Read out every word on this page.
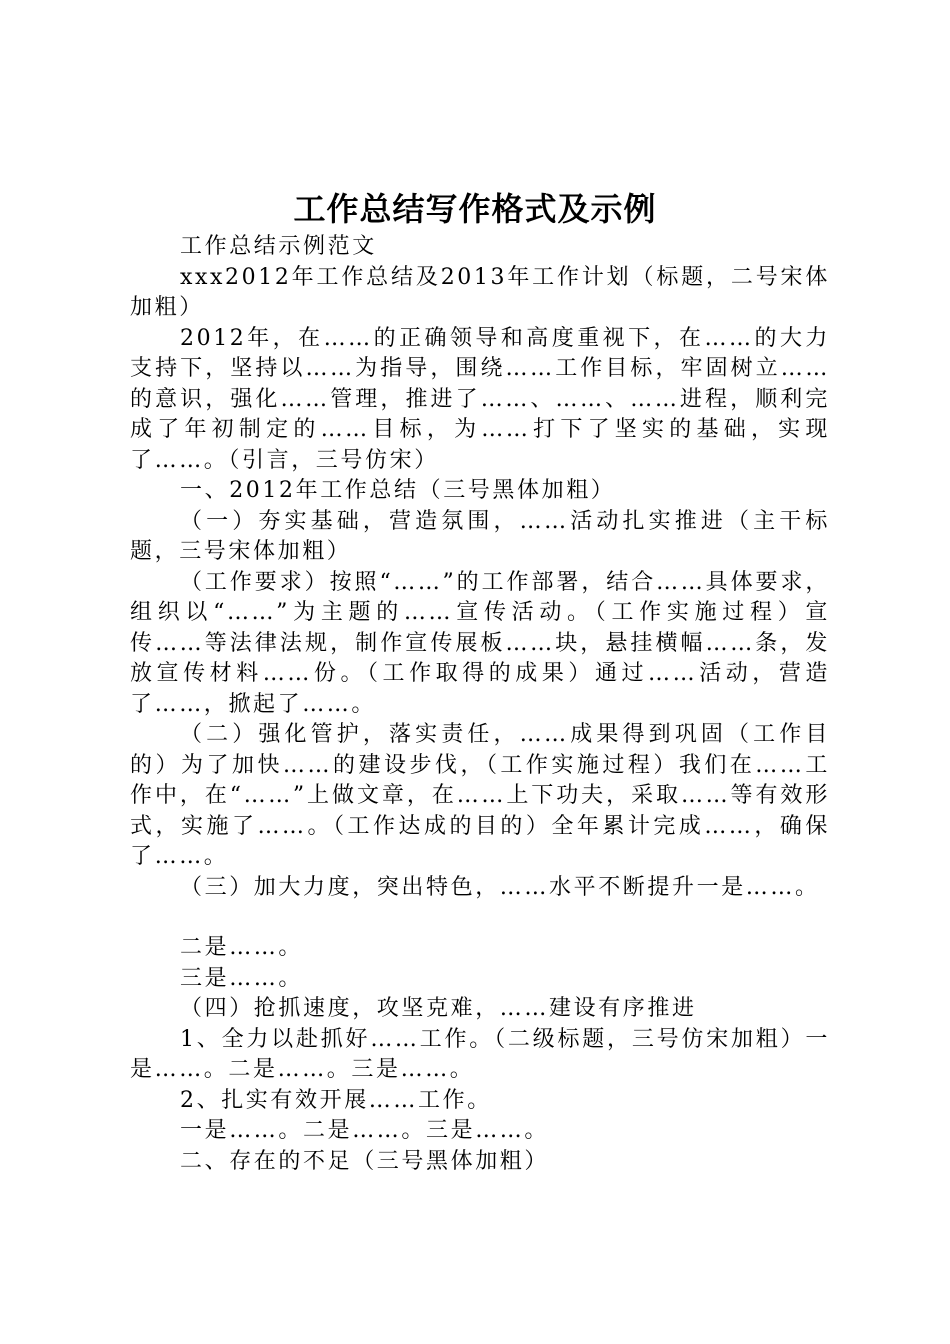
工作总结写作格式及示例

工作总结示例范文

xxx2012年工作总结及2013年工作计划（标题，二号宋体加粗）

2012年，在……的正确领导和高度重视下，在……的大力支持下，坚持以……为指导，围绕……工作目标，牢固树立……的意识，强化……管理，推进了……、……、……进程，顺利完成了年初制定的……目标，为……打下了坚实的基础，实现了……。（引言，三号仿宋）

一、2012年工作总结（三号黑体加粗）

（一）夯实基础，营造氛围，……活动扎实推进（主干标题，三号宋体加粗）

（工作要求）按照“……”的工作部署，结合……具体要求，组织以“……”为主题的……宣传活动。（工作实施过程）宣传……等法律法规，制作宣传展板……块，悬挂横幅……条，发放宣传材料……份。（工作取得的成果）通过……活动，营造了……，掀起了……。

（二）强化管护，落实责任，……成果得到巩固（工作目的）为了加快……的建设步伐，（工作实施过程）我们在……工作中，在“……”上做文章，在……上下功夫，采取……等有效形式，实施了……。（工作达成的目的）全年累计完成……，确保了……。

（三）加大力度，突出特色，……水平不断提升一是……。

二是……。

三是……。

（四）抢抓速度，攻坚克难，……建设有序推进

1、全力以赴抓好……工作。（二级标题，三号仿宋加粗）一是……。二是……。三是……。

2、扎实有效开展……工作。

一是……。二是……。三是……。

二、存在的不足（三号黑体加粗）
